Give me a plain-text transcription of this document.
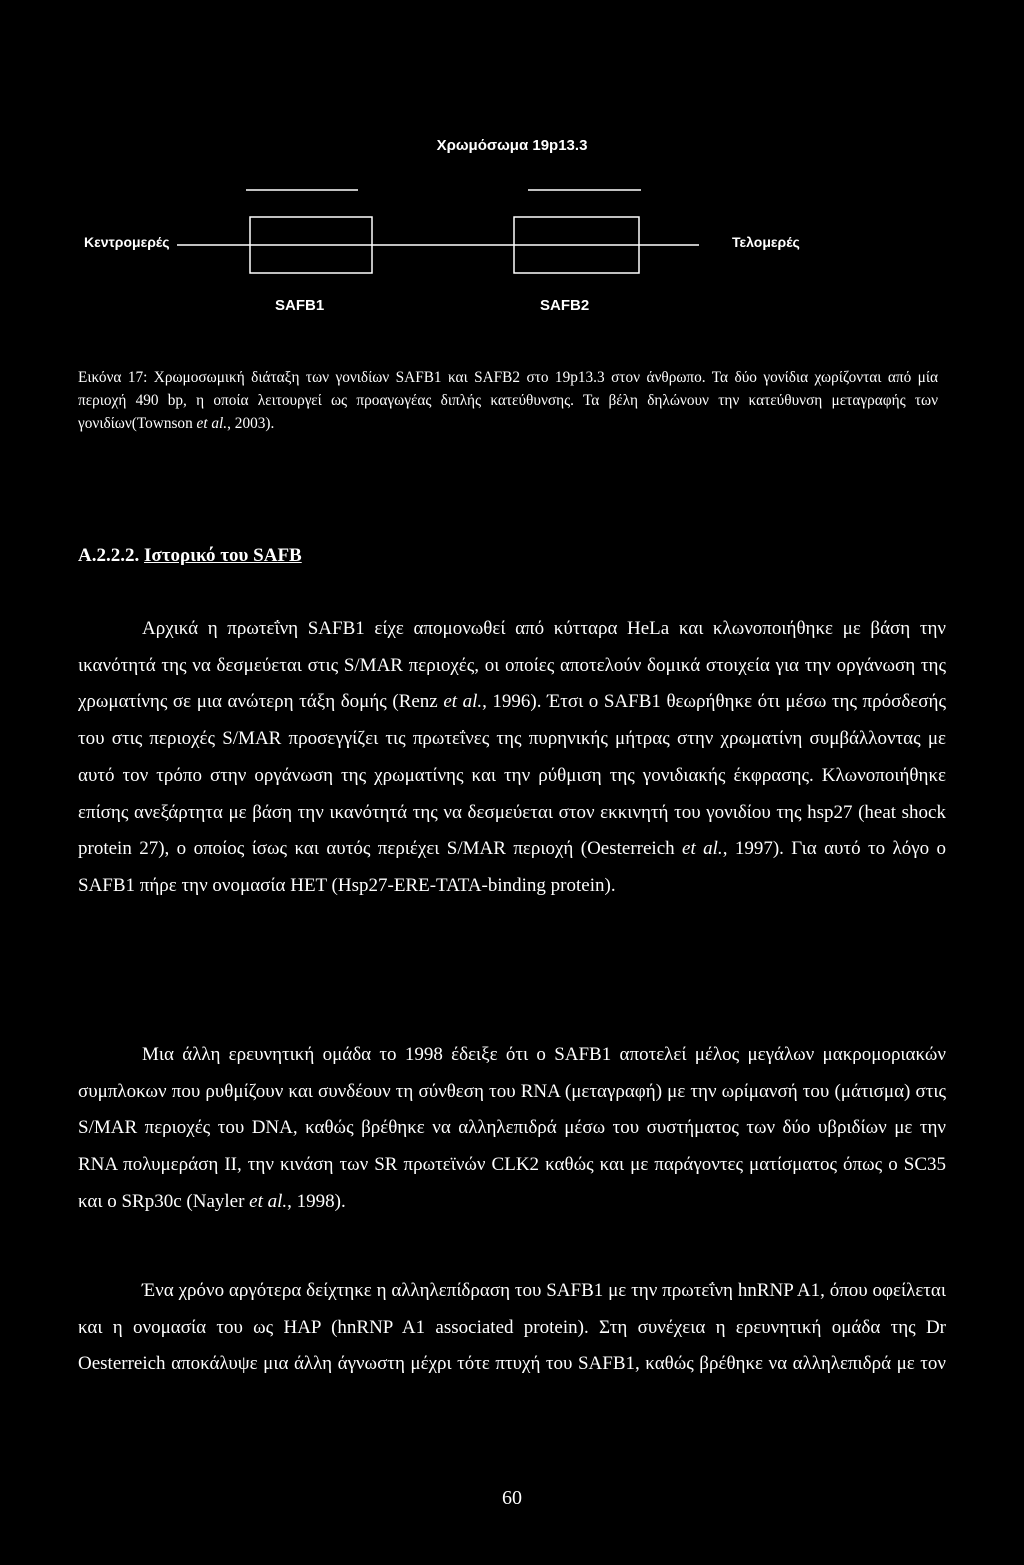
Χρωμόσωμα 19p13.3
Κεντρομερές	Τελομερές
SAFB1	SAFB2
Εικόνα 17: Χρωμοσωμική διάταξη των γονιδίων SAFB1 και SAFB2 στο 19p13.3 στον άνθρωπο. Τα δύο γονίδια χωρίζονται από μία περιοχή 490 bp, η οποία λειτουργεί ως προαγωγέας διπλής κατεύθυνσης. Τα βέλη δηλώνουν την κατεύθυνση μεταγραφής των γονιδίων(Townson et al., 2003).
Α.2.2.2. Ιστορικό του SAFB
Αρχικά η πρωτεΐνη SAFB1 είχε απομονωθεί από κύτταρα HeLa και κλωνοποιήθηκε με βάση την ικανότητά της να δεσμεύεται στις S/MAR περιοχές, οι οποίες αποτελούν δομικά στοιχεία για την οργάνωση της χρωματίνης σε μια ανώτερη τάξη δομής (Renz et al., 1996). Έτσι ο SAFB1 θεωρήθηκε ότι μέσω της πρόσδεσής του στις περιοχές S/MAR προσεγγίζει τις πρωτεΐνες της πυρηνικής μήτρας στην χρωματίνη συμβάλλοντας με αυτό τον τρόπο στην οργάνωση της χρωματίνης και την ρύθμιση της γονιδιακής έκφρασης. Κλωνοποιήθηκε επίσης ανεξάρτητα με βάση την ικανότητά της να δεσμεύεται στον εκκινητή του γονιδίου της hsp27 (heat shock protein 27), ο οποίος ίσως και αυτός περιέχει S/MAR περιοχή (Oesterreich et al., 1997). Για αυτό το λόγο ο SAFB1 πήρε την ονομασία HET (Hsp27-ERE-TATA-binding protein).
Μια άλλη ερευνητική ομάδα το 1998 έδειξε ότι ο SAFB1 αποτελεί μέλος μεγάλων μακρομοριακών συμπλοκων που ρυθμίζουν και συνδέουν τη σύνθεση του RNA (μεταγραφή) με την ωρίμανσή του (μάτισμα) στις S/MAR περιοχές του DNA, καθώς βρέθηκε να αλληλεπιδρά μέσω του συστήματος των δύο υβριδίων με την RNA πολυμεράση II, την κινάση των SR πρωτεϊνών CLK2 καθώς και με παράγοντες ματίσματος όπως ο SC35 και ο SRp30c (Nayler et al., 1998).
Ένα χρόνο αργότερα δείχτηκε η αλληλεπίδραση του SAFB1 με την πρωτεΐνη hnRNP A1, όπου οφείλεται και η ονομασία του ως HAP (hnRNP A1 associated protein). Στη συνέχεια η ερευνητική ομάδα της Dr Oesterreich αποκάλυψε μια άλλη άγνωστη μέχρι τότε πτυχή του SAFB1, καθώς βρέθηκε να αλληλεπιδρά με τον
60
